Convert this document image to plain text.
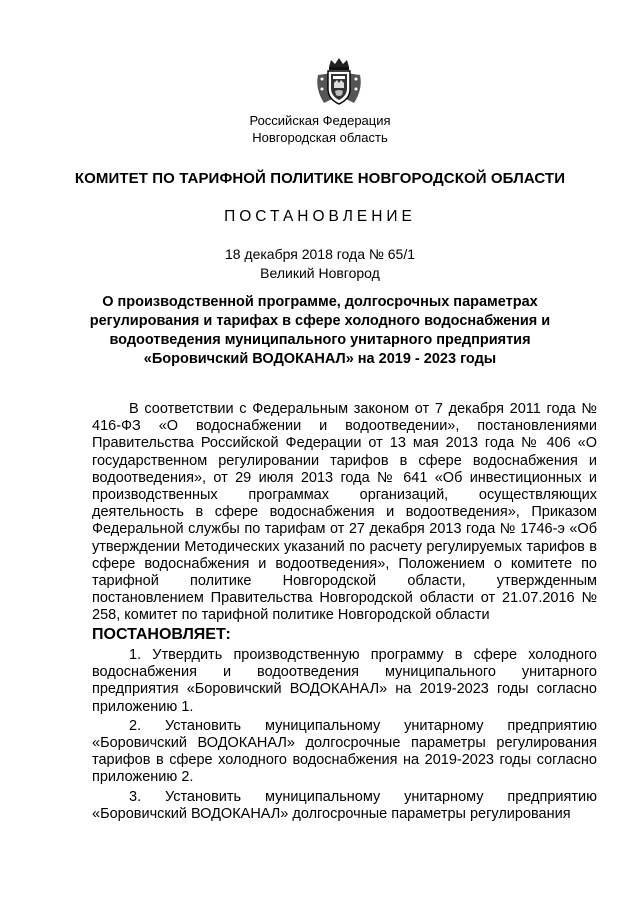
Российская Федерация
Новгородская область
КОМИТЕТ ПО ТАРИФНОЙ ПОЛИТИКЕ НОВГОРОДСКОЙ ОБЛАСТИ
ПОСТАНОВЛЕНИЕ
18 декабря 2018 года № 65/1
Великий Новгород
О производственной программе, долгосрочных параметрах
регулирования и тарифах в сфере холодного водоснабжения и
водоотведения муниципального унитарного предприятия
«Боровичский ВОДОКАНАЛ» на 2019 - 2023 годы
В соответствии с Федеральным законом от 7 декабря 2011 года № 416-ФЗ «О водоснабжении и водоотведении», постановлениями Правительства Российской Федерации от 13 мая 2013 года № 406 «О государственном регулировании тарифов в сфере водоснабжения и водоотведения», от 29 июля 2013 года № 641 «Об инвестиционных и производственных программах организаций, осуществляющих деятельность в сфере водоснабжения и водоотведения», Приказом Федеральной службы по тарифам от 27 декабря 2013 года № 1746-э «Об утверждении Методических указаний по расчету регулируемых тарифов в сфере водоснабжения и водоотведения», Положением о комитете по тарифной политике Новгородской области, утвержденным постановлением Правительства Новгородской области от 21.07.2016 № 258, комитет по тарифной политике Новгородской области
ПОСТАНОВЛЯЕТ:

1. Утвердить производственную программу в сфере холодного водоснабжения и водоотведения муниципального унитарного предприятия «Боровичский ВОДОКАНАЛ» на 2019-2023 годы согласно приложению 1.

2. Установить муниципальному унитарному предприятию «Боровичский ВОДОКАНАЛ» долгосрочные параметры регулирования тарифов в сфере холодного водоснабжения на 2019-2023 годы согласно приложению 2.

3. Установить муниципальному унитарному предприятию «Боровичский ВОДОКАНАЛ» долгосрочные параметры регулирования
